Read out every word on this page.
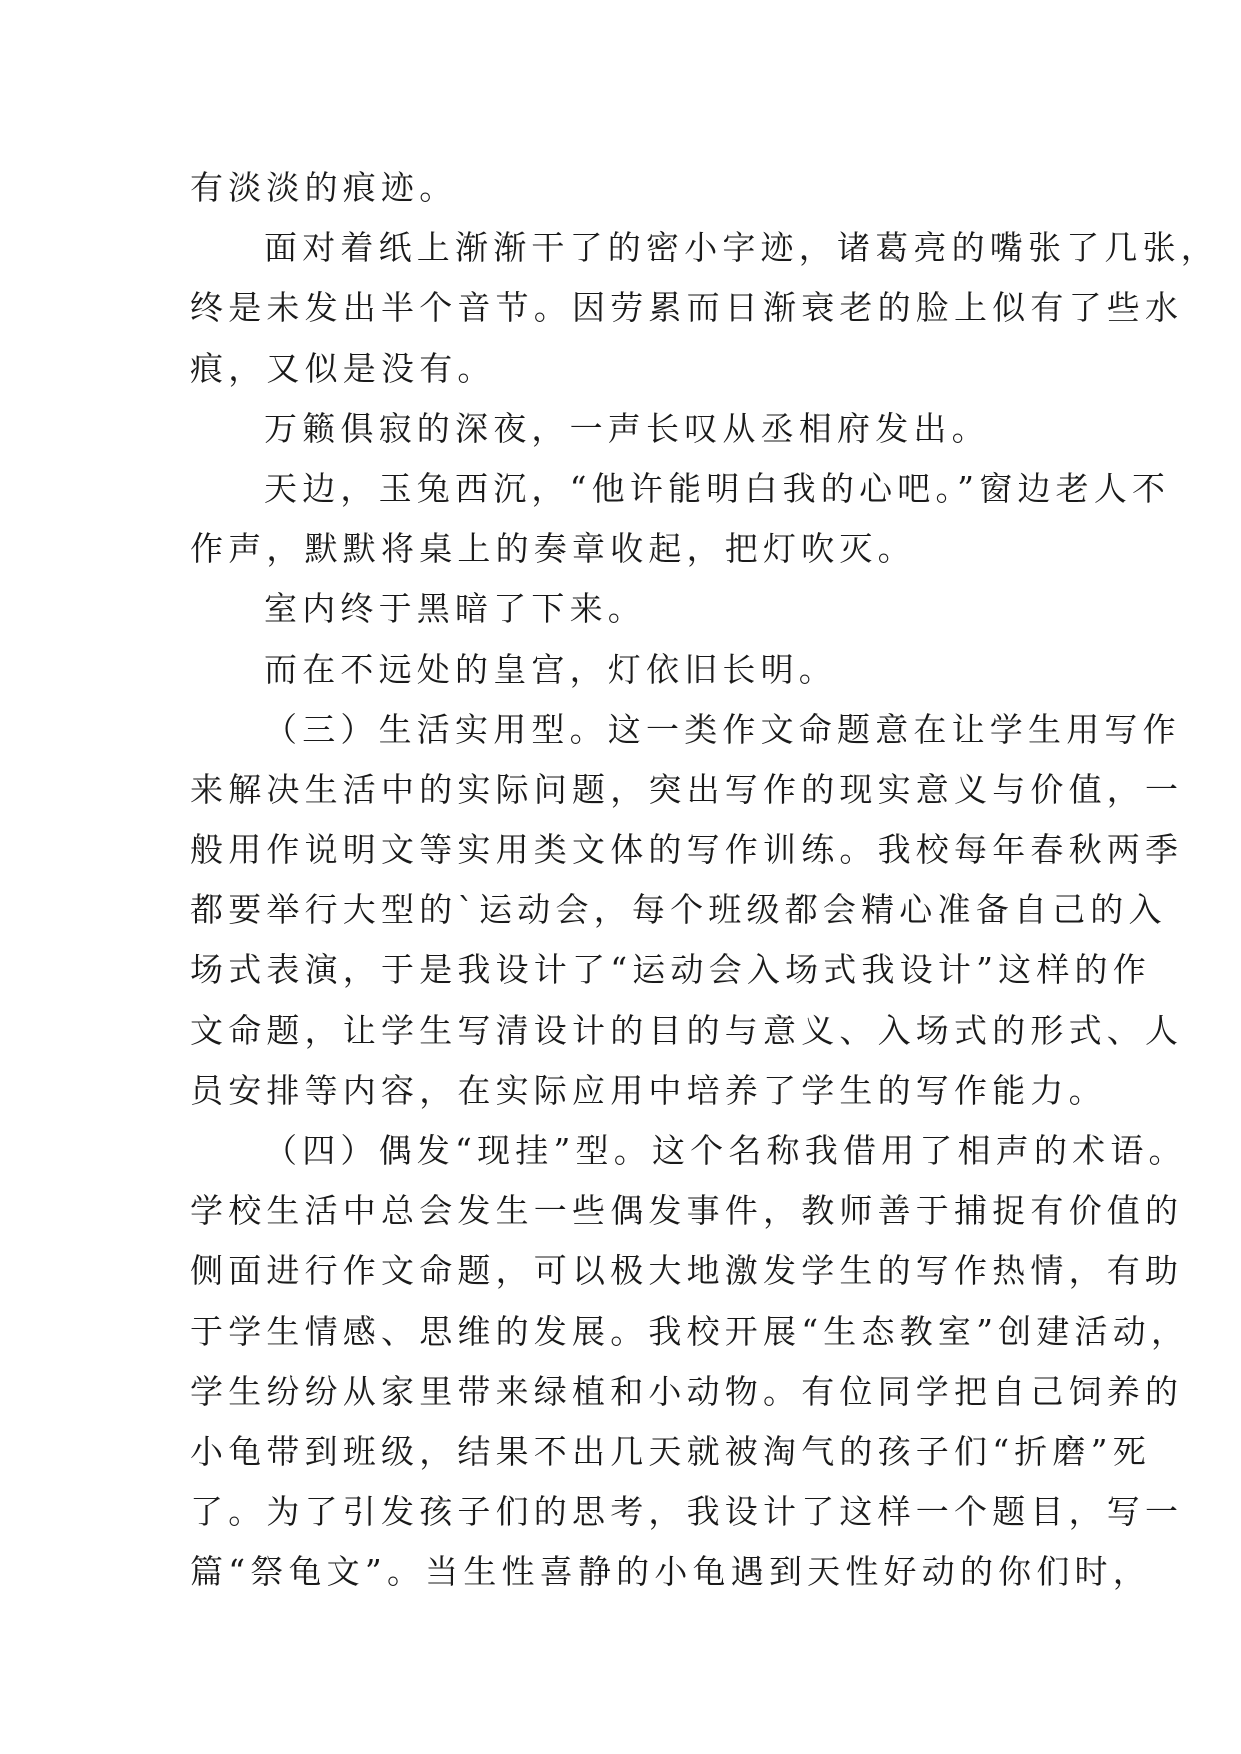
有淡淡的痕迹。
面对着纸上渐渐干了的密小字迹，诸葛亮的嘴张了几张，
终是未发出半个音节。因劳累而日渐衰老的脸上似有了些水
痕，又似是没有。
万籁俱寂的深夜，一声长叹从丞相府发出。
天边，玉兔西沉，“他许能明白我的心吧。”窗边老人不
作声，默默将桌上的奏章收起，把灯吹灭。
室内终于黑暗了下来。
而在不远处的皇宫，灯依旧长明。
（三）生活实用型。这一类作文命题意在让学生用写作
来解决生活中的实际问题，突出写作的现实意义与价值，一
般用作说明文等实用类文体的写作训练。我校每年春秋两季
都要举行大型的`运动会，每个班级都会精心准备自己的入
场式表演，于是我设计了“运动会入场式我设计”这样的作
文命题，让学生写清设计的目的与意义、入场式的形式、人
员安排等内容，在实际应用中培养了学生的写作能力。
（四）偶发“现挂”型。这个名称我借用了相声的术语。
学校生活中总会发生一些偶发事件，教师善于捕捉有价值的
侧面进行作文命题，可以极大地激发学生的写作热情，有助
于学生情感、思维的发展。我校开展“生态教室”创建活动，
学生纷纷从家里带来绿植和小动物。有位同学把自己饲养的
小龟带到班级，结果不出几天就被淘气的孩子们“折磨”死
了。为了引发孩子们的思考，我设计了这样一个题目，写一
篇“祭龟文”。当生性喜静的小龟遇到天性好动的你们时，
